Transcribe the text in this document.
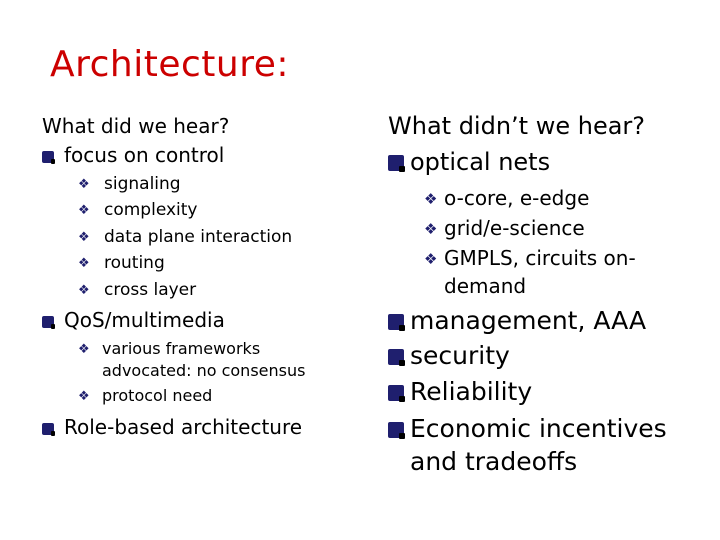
Architecture:
What did we hear?
focus on control
❖ signaling
❖ complexity
❖ data plane interaction
❖ routing
❖ cross layer
QoS/multimedia
❖ various frameworks
advocated: no consensus
❖ protocol need
Role-based architecture
What didn’t we hear?
optical nets
❖ o-core, e-edge
❖ grid/e-science
❖ GMPLS, circuits on-
demand
management, AAA
security
Reliability
Economic incentives
and tradeoffs
